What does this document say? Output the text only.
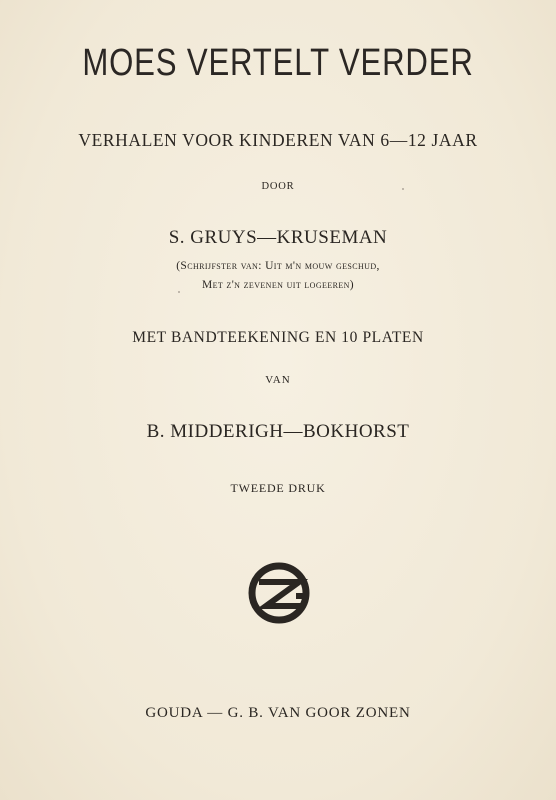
MOES VERTELT VERDER
VERHALEN VOOR KINDEREN VAN 6—12 JAAR
DOOR
S. GRUYS—KRUSEMAN
(Schrijfster van: Uit m'n mouw geschud,
Met z'n zevenen uit logeeren)
MET BANDTEEKENING EN 10 PLATEN
VAN
B. MIDDERIGH—BOKHORST
TWEEDE DRUK
GOUDA — G. B. VAN GOOR ZONEN
